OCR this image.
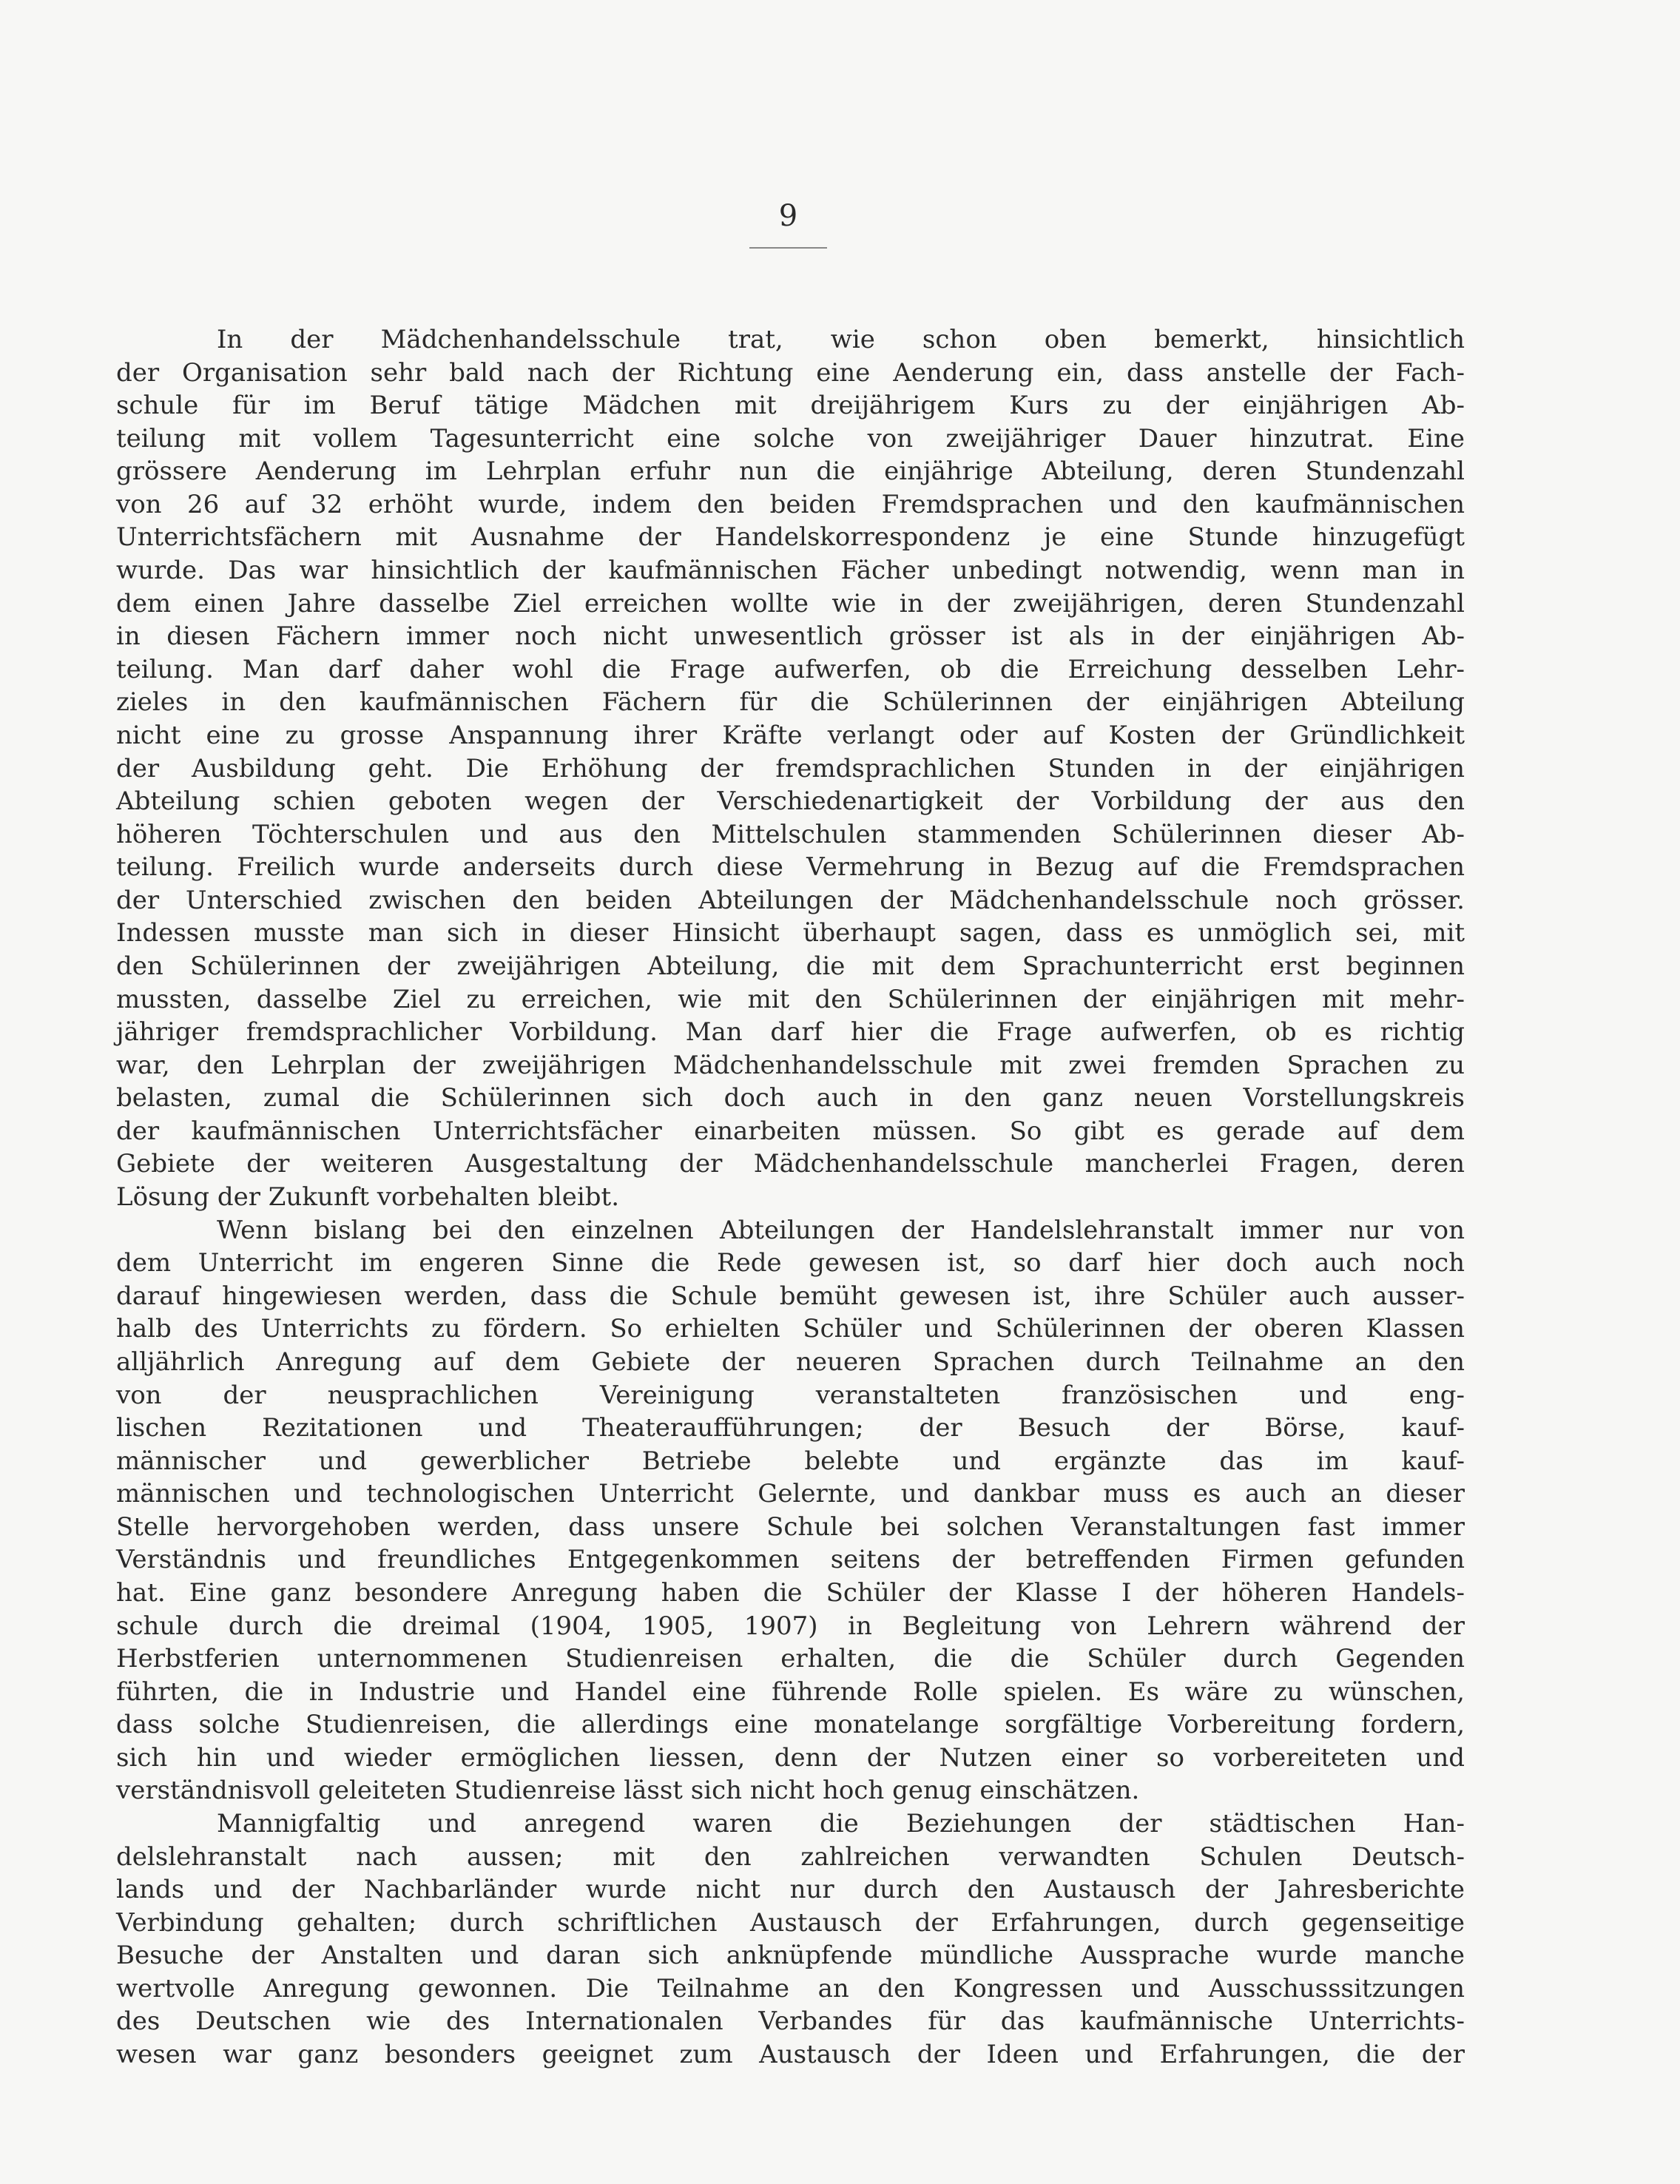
9
In der Mädchenhandelsschule trat, wie schon oben bemerkt, hinsichtlich
der Organisation sehr bald nach der Richtung eine Aenderung ein, dass anstelle der Fach-
schule für im Beruf tätige Mädchen mit dreijährigem Kurs zu der einjährigen Ab-
teilung mit vollem Tagesunterricht eine solche von zweijähriger Dauer hinzutrat. Eine
grössere Aenderung im Lehrplan erfuhr nun die einjährige Abteilung, deren Stundenzahl
von 26 auf 32 erhöht wurde, indem den beiden Fremdsprachen und den kaufmännischen
Unterrichtsfächern mit Ausnahme der Handelskorrespondenz je eine Stunde hinzugefügt
wurde. Das war hinsichtlich der kaufmännischen Fächer unbedingt notwendig, wenn man in
dem einen Jahre dasselbe Ziel erreichen wollte wie in der zweijährigen, deren Stundenzahl
in diesen Fächern immer noch nicht unwesentlich grösser ist als in der einjährigen Ab-
teilung. Man darf daher wohl die Frage aufwerfen, ob die Erreichung desselben Lehr-
zieles in den kaufmännischen Fächern für die Schülerinnen der einjährigen Abteilung
nicht eine zu grosse Anspannung ihrer Kräfte verlangt oder auf Kosten der Gründlichkeit
der Ausbildung geht. Die Erhöhung der fremdsprachlichen Stunden in der einjährigen
Abteilung schien geboten wegen der Verschiedenartigkeit der Vorbildung der aus den
höheren Töchterschulen und aus den Mittelschulen stammenden Schülerinnen dieser Ab-
teilung. Freilich wurde anderseits durch diese Vermehrung in Bezug auf die Fremdsprachen
der Unterschied zwischen den beiden Abteilungen der Mädchenhandelsschule noch grösser.
Indessen musste man sich in dieser Hinsicht überhaupt sagen, dass es unmöglich sei, mit
den Schülerinnen der zweijährigen Abteilung, die mit dem Sprachunterricht erst beginnen
mussten, dasselbe Ziel zu erreichen, wie mit den Schülerinnen der einjährigen mit mehr-
jähriger fremdsprachlicher Vorbildung. Man darf hier die Frage aufwerfen, ob es richtig
war, den Lehrplan der zweijährigen Mädchenhandelsschule mit zwei fremden Sprachen zu
belasten, zumal die Schülerinnen sich doch auch in den ganz neuen Vorstellungskreis
der kaufmännischen Unterrichtsfächer einarbeiten müssen. So gibt es gerade auf dem
Gebiete der weiteren Ausgestaltung der Mädchenhandelsschule mancherlei Fragen, deren
Lösung der Zukunft vorbehalten bleibt.
Wenn bislang bei den einzelnen Abteilungen der Handelslehranstalt immer nur von
dem Unterricht im engeren Sinne die Rede gewesen ist, so darf hier doch auch noch
darauf hingewiesen werden, dass die Schule bemüht gewesen ist, ihre Schüler auch ausser-
halb des Unterrichts zu fördern. So erhielten Schüler und Schülerinnen der oberen Klassen
alljährlich Anregung auf dem Gebiete der neueren Sprachen durch Teilnahme an den
von der neusprachlichen Vereinigung veranstalteten französischen und eng-
lischen Rezitationen und Theateraufführungen; der Besuch der Börse, kauf-
männischer und gewerblicher Betriebe belebte und ergänzte das im kauf-
männischen und technologischen Unterricht Gelernte, und dankbar muss es auch an dieser
Stelle hervorgehoben werden, dass unsere Schule bei solchen Veranstaltungen fast immer
Verständnis und freundliches Entgegenkommen seitens der betreffenden Firmen gefunden
hat. Eine ganz besondere Anregung haben die Schüler der Klasse I der höheren Handels-
schule durch die dreimal (1904, 1905, 1907) in Begleitung von Lehrern während der
Herbstferien unternommenen Studienreisen erhalten, die die Schüler durch Gegenden
führten, die in Industrie und Handel eine führende Rolle spielen. Es wäre zu wünschen,
dass solche Studienreisen, die allerdings eine monatelange sorgfältige Vorbereitung fordern,
sich hin und wieder ermöglichen liessen, denn der Nutzen einer so vorbereiteten und
verständnisvoll geleiteten Studienreise lässt sich nicht hoch genug einschätzen.
Mannigfaltig und anregend waren die Beziehungen der städtischen Han-
delslehranstalt nach aussen; mit den zahlreichen verwandten Schulen Deutsch-
lands und der Nachbarländer wurde nicht nur durch den Austausch der Jahresberichte
Verbindung gehalten; durch schriftlichen Austausch der Erfahrungen, durch gegenseitige
Besuche der Anstalten und daran sich anknüpfende mündliche Aussprache wurde manche
wertvolle Anregung gewonnen. Die Teilnahme an den Kongressen und Ausschusssitzungen
des Deutschen wie des Internationalen Verbandes für das kaufmännische Unterrichts-
wesen war ganz besonders geeignet zum Austausch der Ideen und Erfahrungen, die der
